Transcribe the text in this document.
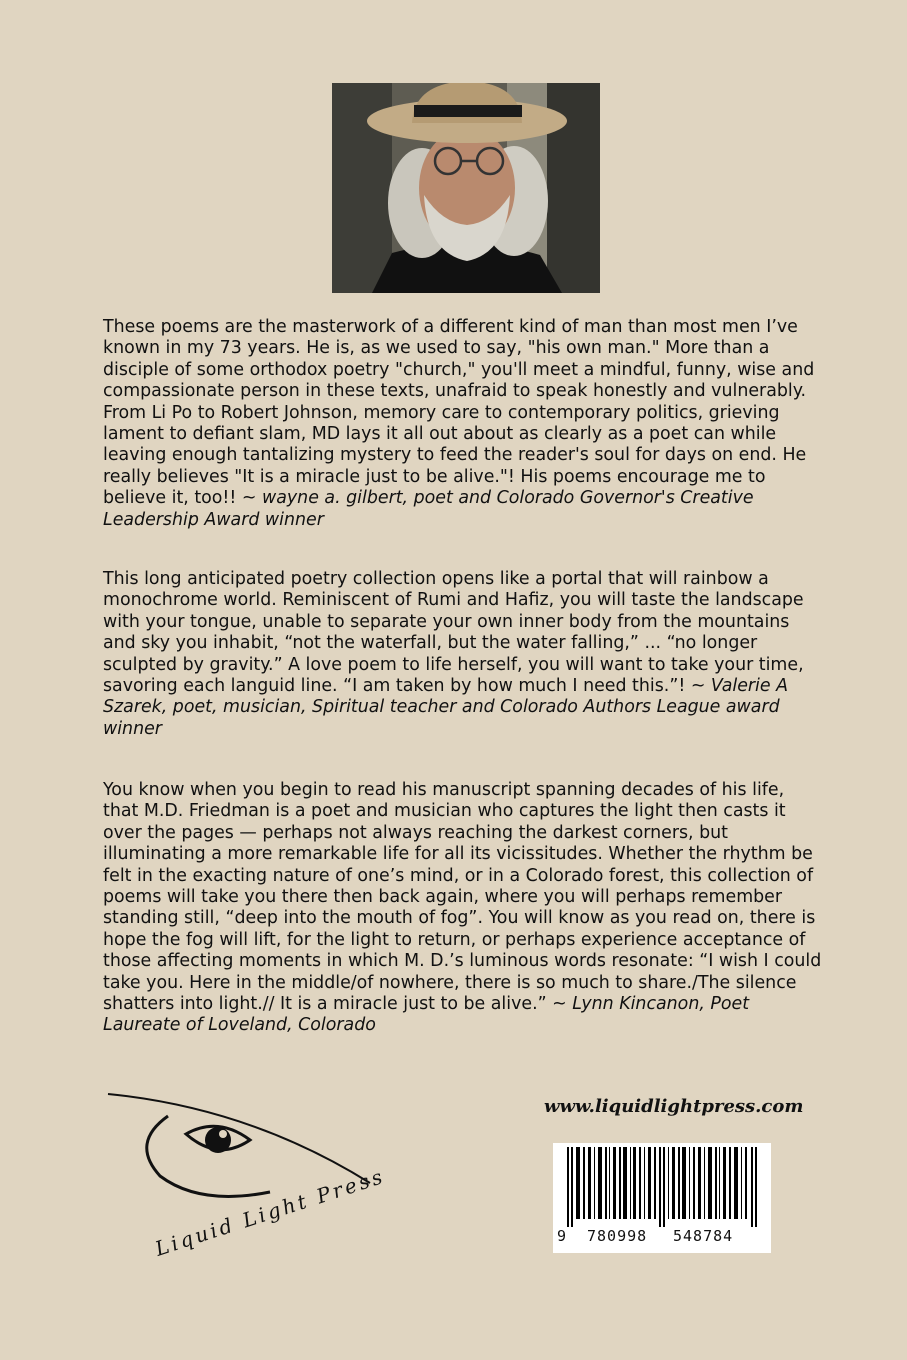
These poems are the masterwork of a different kind of man than most men I’ve known in my 73 years. He is, as we used to say, "his own man." More than a disciple of some orthodox poetry "church," you'll meet a mindful, funny, wise and compassionate person in these texts, unafraid to speak honestly and vulnerably. From Li Po to Robert Johnson, memory care to contemporary politics, grieving lament to defiant slam, MD lays it all out about as clearly as a poet can while leaving enough tantalizing mystery to feed the reader's soul for days on end. He really believes "It is a miracle just to be alive."! His poems encourage me to believe it, too!! ~ wayne a. gilbert, poet and Colorado Governor's Creative Leadership Award winner

This long anticipated poetry collection opens like a portal that will rainbow a monochrome world. Reminiscent of Rumi and Hafiz, you will taste the landscape with your tongue, unable to separate your own inner body from the mountains and sky you inhabit, “not the waterfall, but the water falling,” ... “no longer sculpted by gravity.” A love poem to life herself, you will want to take your time, savoring each languid line. “I am taken by how much I need this.”! ~ Valerie A Szarek, poet, musician, Spiritual teacher and Colorado Authors League award winner

You know when you begin to read his manuscript spanning decades of his life, that M.D. Friedman is a poet and musician who captures the light then casts it over the pages — perhaps not always reaching the darkest corners, but illuminating a more remarkable life for all its vicissitudes. Whether the rhythm be felt in the exacting nature of one’s mind, or in a Colorado forest, this collection of poems will take you there then back again, where you will perhaps remember standing still, “deep into the mouth of fog”. You will know as you read on, there is hope the fog will lift, for the light to return, or perhaps experience acceptance of those affecting moments in which M. D.’s luminous words resonate: “I wish I could take you. Here in the middle/of nowhere, there is so much to share./The silence shatters into light.// It is a miracle just to be alive.” ~ Lynn Kincanon, Poet Laureate of Loveland, Colorado

Liquid Light Press
www.liquidlightpress.com
9 780998 548784
